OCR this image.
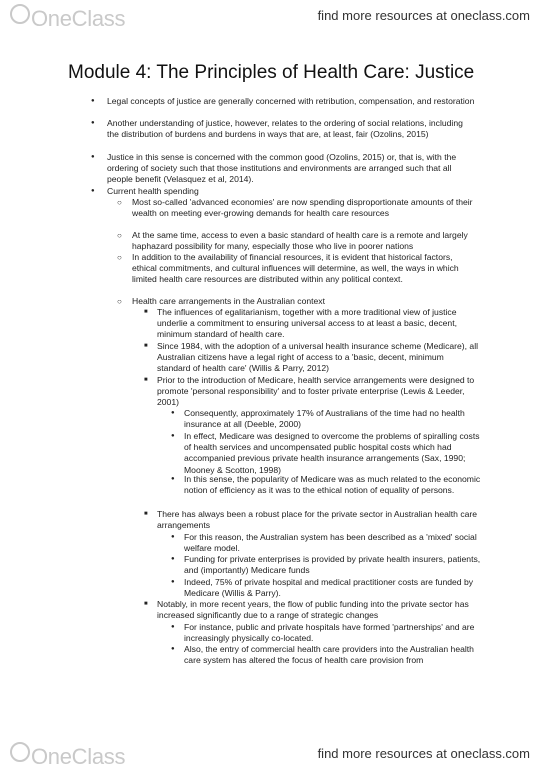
OneClass	find more resources at oneclass.com
Module 4: The Principles of Health Care: Justice
● Legal concepts of justice are generally concerned with retribution, compensation, and restoration
● Another understanding of justice, however, relates to the ordering of social relations, including the distribution of burdens and burdens in ways that are, at least, fair (Ozolins, 2015)
● Justice in this sense is concerned with the common good (Ozolins, 2015) or, that is, with the ordering of society such that those institutions and environments are arranged such that all people benefit (Velasquez et al, 2014).
● Current health spending
○ Most so-called 'advanced economies' are now spending disproportionate amounts of their wealth on meeting ever-growing demands for health care resources
○ At the same time, access to even a basic standard of health care is a remote and largely haphazard possibility for many, especially those who live in poorer nations
○ In addition to the availability of financial resources, it is evident that historical factors, ethical commitments, and cultural influences will determine, as well, the ways in which limited health care resources are distributed within any political context.
○ Health care arrangements in the Australian context
■ The influences of egalitarianism, together with a more traditional view of justice underlie a commitment to ensuring universal access to at least a basic, decent, minimum standard of health care.
■ Since 1984, with the adoption of a universal health insurance scheme (Medicare), all Australian citizens have a legal right of access to a 'basic, decent, minimum standard of health care' (Willis & Parry, 2012)
■ Prior to the introduction of Medicare, health service arrangements were designed to promote 'personal responsibility' and to foster private enterprise (Lewis & Leeder, 2001)
● Consequently, approximately 17% of Australians of the time had no health insurance at all (Deeble, 2000)
● In effect, Medicare was designed to overcome the problems of spiralling costs of health services and uncompensated public hospital costs which had accompanied previous private health insurance arrangements (Sax, 1990; Mooney & Scotton, 1998)
● In this sense, the popularity of Medicare was as much related to the economic notion of efficiency as it was to the ethical notion of equality of persons.
■ There has always been a robust place for the private sector in Australian health care arrangements
● For this reason, the Australian system has been described as a 'mixed' social welfare model.
● Funding for private enterprises is provided by private health insurers, patients, and (importantly) Medicare funds
● Indeed, 75% of private hospital and medical practitioner costs are funded by Medicare (Willis & Parry).
■ Notably, in more recent years, the flow of public funding into the private sector has increased significantly due to a range of strategic changes
● For instance, public and private hospitals have formed 'partnerships' and are increasingly physically co-located.
● Also, the entry of commercial health care providers into the Australian health care system has altered the focus of health care provision from
OneClass	find more resources at oneclass.com
